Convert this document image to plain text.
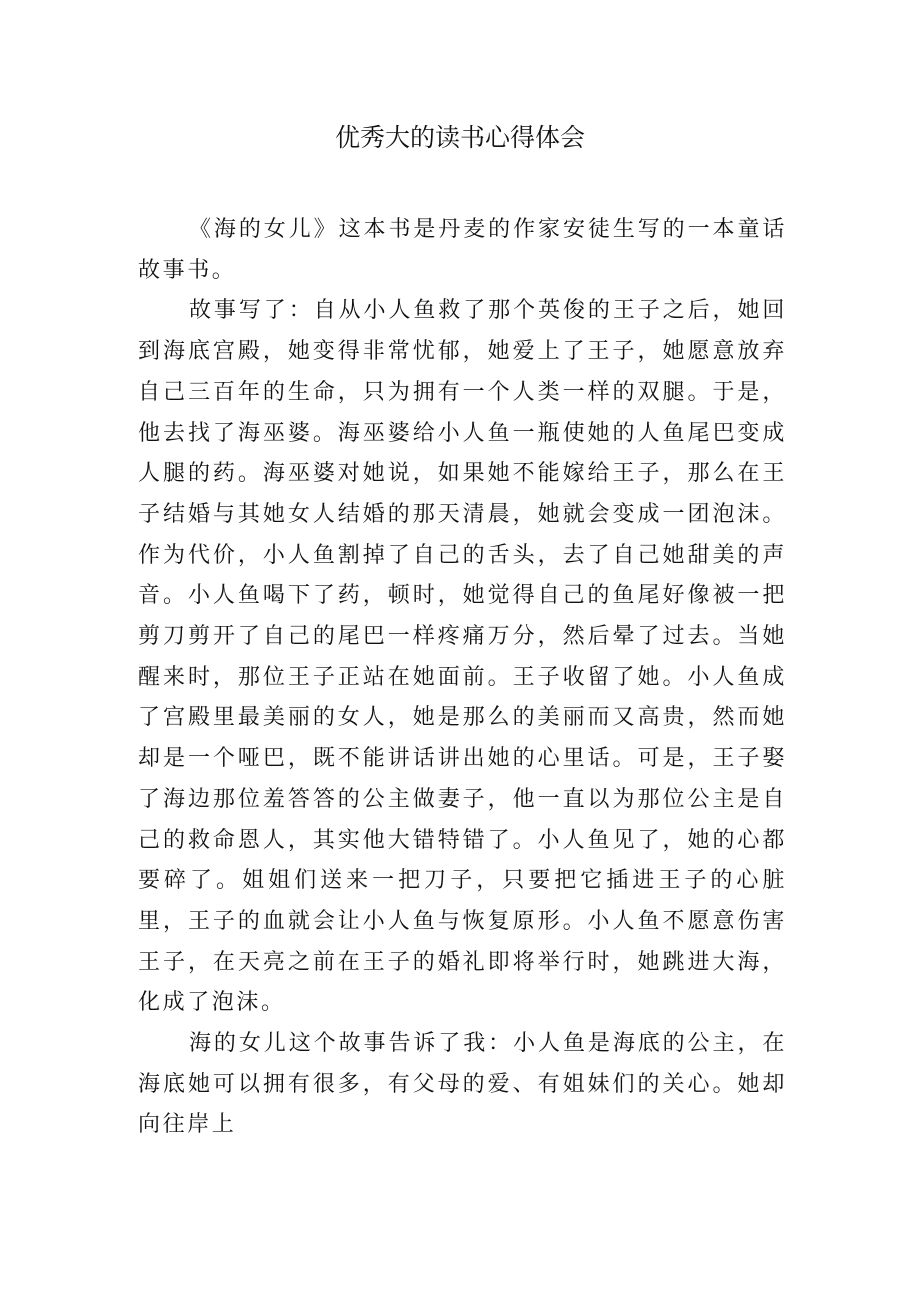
优秀大的读书心得体会

《海的女儿》这本书是丹麦的作家安徒生写的一本童话故事书。

故事写了：自从小人鱼救了那个英俊的王子之后，她回到海底宫殿，她变得非常忧郁，她爱上了王子，她愿意放弃自己三百年的生命，只为拥有一个人类一样的双腿。于是，他去找了海巫婆。海巫婆给小人鱼一瓶使她的人鱼尾巴变成人腿的药。海巫婆对她说，如果她不能嫁给王子，那么在王子结婚与其她女人结婚的那天清晨，她就会变成一团泡沫。作为代价，小人鱼割掉了自己的舌头，去了自己她甜美的声音。小人鱼喝下了药，顿时，她觉得自己的鱼尾好像被一把剪刀剪开了自己的尾巴一样疼痛万分，然后晕了过去。当她醒来时，那位王子正站在她面前。王子收留了她。小人鱼成了宫殿里最美丽的女人，她是那么的美丽而又高贵，然而她却是一个哑巴，既不能讲话讲出她的心里话。可是，王子娶了海边那位羞答答的公主做妻子，他一直以为那位公主是自己的救命恩人，其实他大错特错了。小人鱼见了，她的心都要碎了。姐姐们送来一把刀子，只要把它插进王子的心脏里，王子的血就会让小人鱼与恢复原形。小人鱼不愿意伤害王子，在天亮之前在王子的婚礼即将举行时，她跳进大海，化成了泡沫。

海的女儿这个故事告诉了我：小人鱼是海底的公主，在海底她可以拥有很多，有父母的爱、有姐妹们的关心。她却向往岸上
